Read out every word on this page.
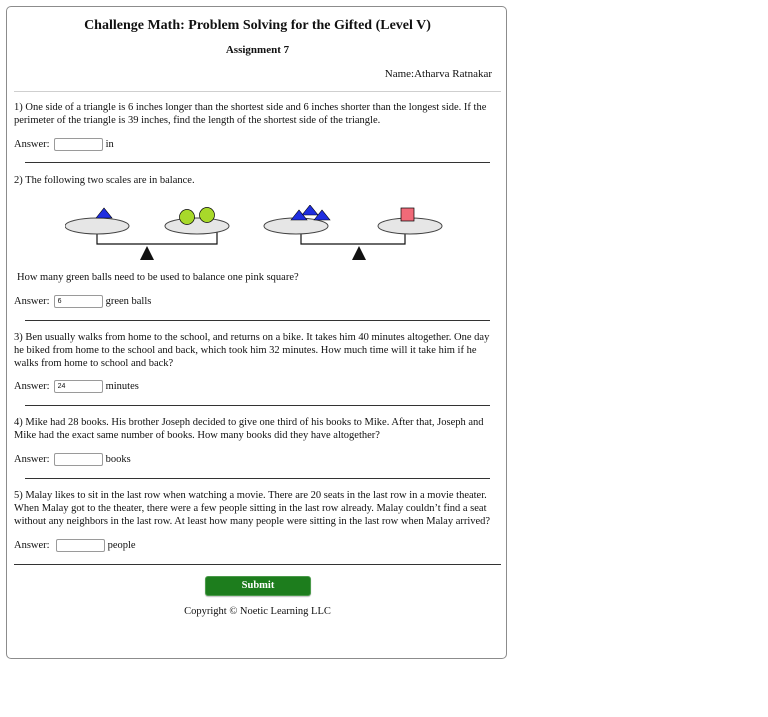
Challenge Math: Problem Solving for the Gifted (Level V)
Assignment 7
Name:Atharva Ratnakar
1) One side of a triangle is 6 inches longer than the shortest side and 6 inches shorter than the longest side. If the perimeter of the triangle is 39 inches, find the length of the shortest side of the triangle.
Answer:	in
2) The following two scales are in balance.
How many green balls need to be used to balance one pink square?
Answer:	6	green balls
3) Ben usually walks from home to the school, and returns on a bike. It takes him 40 minutes altogether. One day he biked from home to the school and back, which took him 32 minutes. How much time will it take him if he walks from home to school and back?
Answer:	24	minutes
4) Mike had 28 books. His brother Joseph decided to give one third of his books to Mike. After that, Joseph and Mike had the exact same number of books. How many books did they have altogether?
Answer:	books
5) Malay likes to sit in the last row when watching a movie. There are 20 seats in the last row in a movie theater. When Malay got to the theater, there were a few people sitting in the last row already. Malay couldn’t find a seat without any neighbors in the last row. At least how many people were sitting in the last row when Malay arrived?
Answer:	people
Submit
Copyright © Noetic Learning LLC
